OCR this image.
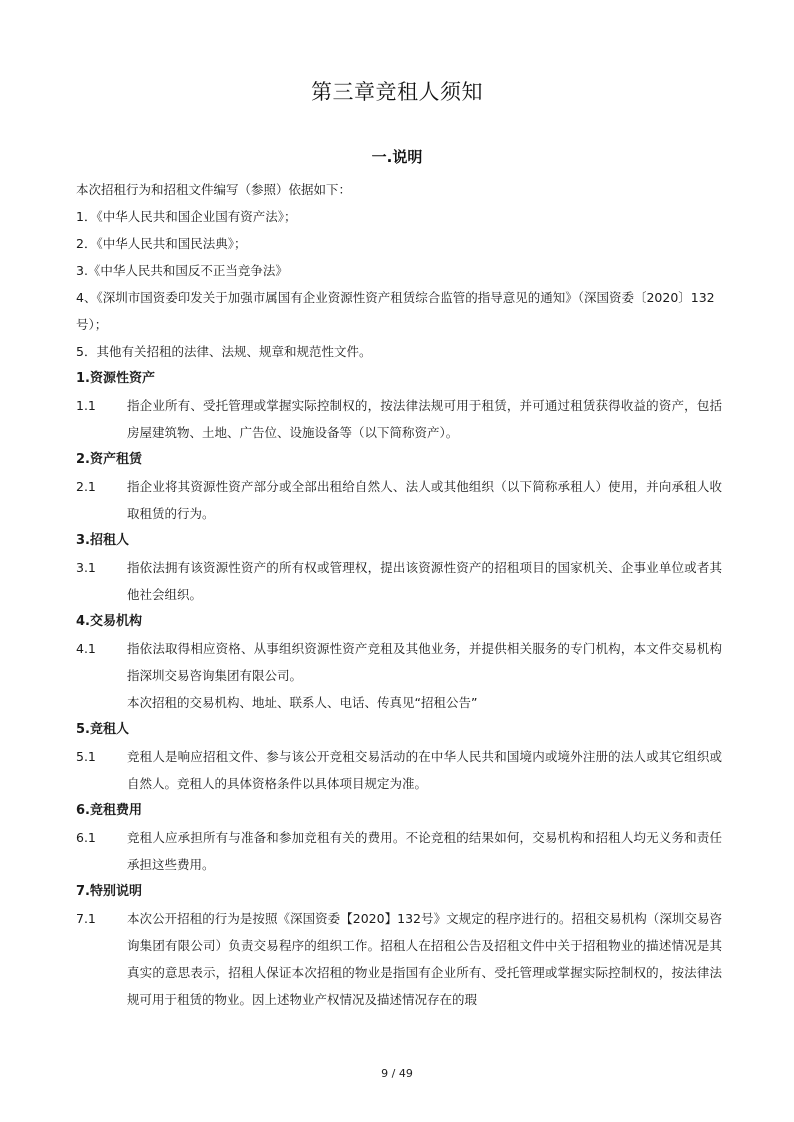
第三章竞租人须知
一.说明
本次招租行为和招租文件编写（参照）依据如下：
1．《中华人民共和国企业国有资产法》；
2．《中华人民共和国民法典》；
3.《中华人民共和国反不正当竞争法》
4、《深圳市国资委印发关于加强市属国有企业资源性资产租赁综合监管的指导意见的通知》（深国资委〔2020〕132号）；
5．其他有关招租的法律、法规、规章和规范性文件。
1.资源性资产
1.1	指企业所有、受托管理或掌握实际控制权的，按法律法规可用于租赁，并可通过租赁获得收益的资产，包括房屋建筑物、土地、广告位、设施设备等（以下简称资产）。
2.资产租赁
2.1	指企业将其资源性资产部分或全部出租给自然人、法人或其他组织（以下简称承租人）使用，并向承租人收取租赁的行为。
3.招租人
3.1	指依法拥有该资源性资产的所有权或管理权，提出该资源性资产的招租项目的国家机关、企事业单位或者其他社会组织。
4.交易机构
4.1	指依法取得相应资格、从事组织资源性资产竞租及其他业务，并提供相关服务的专门机构，本文件交易机构指深圳交易咨询集团有限公司。
本次招租的交易机构、地址、联系人、电话、传真见“招租公告”
5.竞租人
5.1	竞租人是响应招租文件、参与该公开竞租交易活动的在中华人民共和国境内或境外注册的法人或其它组织或自然人。竞租人的具体资格条件以具体项目规定为准。
6.竞租费用
6.1	竞租人应承担所有与准备和参加竞租有关的费用。不论竞租的结果如何，交易机构和招租人均无义务和责任承担这些费用。
7.特别说明
7.1	本次公开招租的行为是按照《深国资委【2020】132号》文规定的程序进行的。招租交易机构（深圳交易咨询集团有限公司）负责交易程序的组织工作。招租人在招租公告及招租文件中关于招租物业的描述情况是其真实的意思表示，招租人保证本次招租的物业是指国有企业所有、受托管理或掌握实际控制权的，按法律法规可用于租赁的物业。因上述物业产权情况及描述情况存在的瑕
9 / 49
